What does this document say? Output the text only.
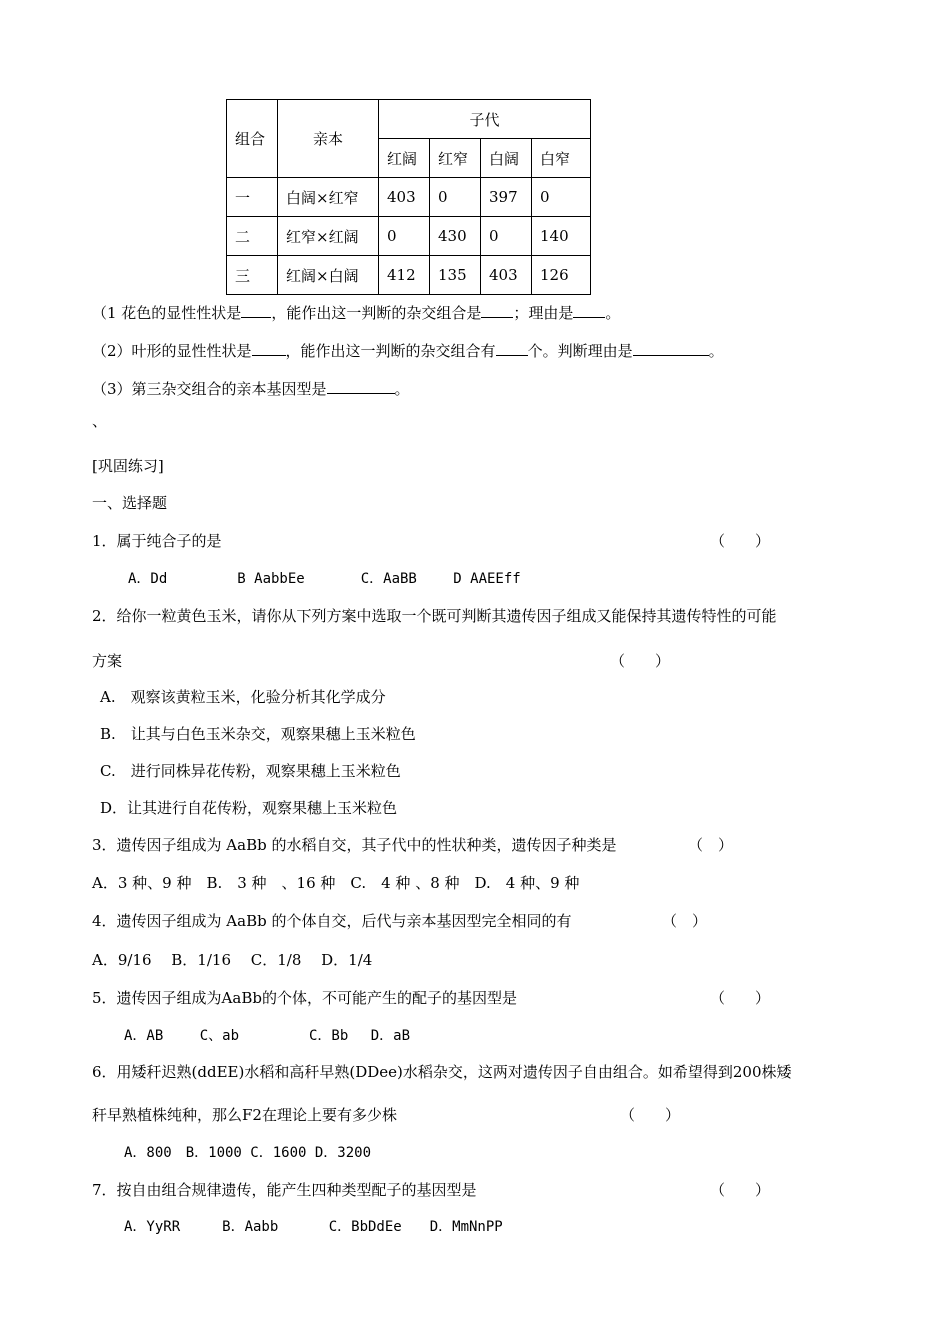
组合	亲本	子代			
		红阔	红窄	白阔	白窄
一	白阔×红窄	403	0	397	0
二	红窄×红阔	0	430	0	140
三	红阔×白阔	412	135	403	126
（1 花色的显性性状是 ，能作出这一判断的杂交组合是 ；理由是 。
（2）叶形的显性性状是 ，能作出这一判断的杂交组合有 个。判断理由是	。
（3）第三杂交组合的亲本基因型是	。
、
[巩固练习]
一、选择题
1．属于纯合子的是	（　　）
A．Dd　　　　　B AabbEe　　　　C．AaBB　　 D AAEEff
2．给你一粒黄色玉米，请你从下列方案中选取一个既可判断其遗传因子组成又能保持其遗传特性的可能
方案	（　　）
A.　观察该黄粒玉米，化验分析其化学成分
B.　让其与白色玉米杂交，观察果穗上玉米粒色
C.　进行同株异花传粉，观察果穗上玉米粒色
D．让其进行自花传粉，观察果穗上玉米粒色
3．遗传因子组成为 AaBb 的水稻自交，其子代中的性状种类，遗传因子种类是	（　）
A．3 种、9 种　B.　3 种　、16 种　C.　4 种 、8 种　D.　4 种、9 种
4．遗传因子组成为 AaBb 的个体自交，后代与亲本基因型完全相同的有	（　）
A．9/16　 B．1/16　 C．1/8　 D．1/4
5．遗传因子组成为AaBb的个体，不可能产生的配子的基因型是	（　　）
A．AB　　 C、ab　　　　　C．Bb　 D．aB
6．用矮秆迟熟(ddEE)水稻和高秆早熟(DDee)水稻杂交，这两对遗传因子自由组合。如希望得到200株矮
秆早熟植株纯种，那么F2在理论上要有多少株	（　　）
A．800　B．1000 C．1600 D．3200
7．按自由组合规律遗传，能产生四种类型配子的基因型是	（　　）
A．YyRR　　　B．Aabb　　　 C．BbDdEe　　D．MmNnPP
